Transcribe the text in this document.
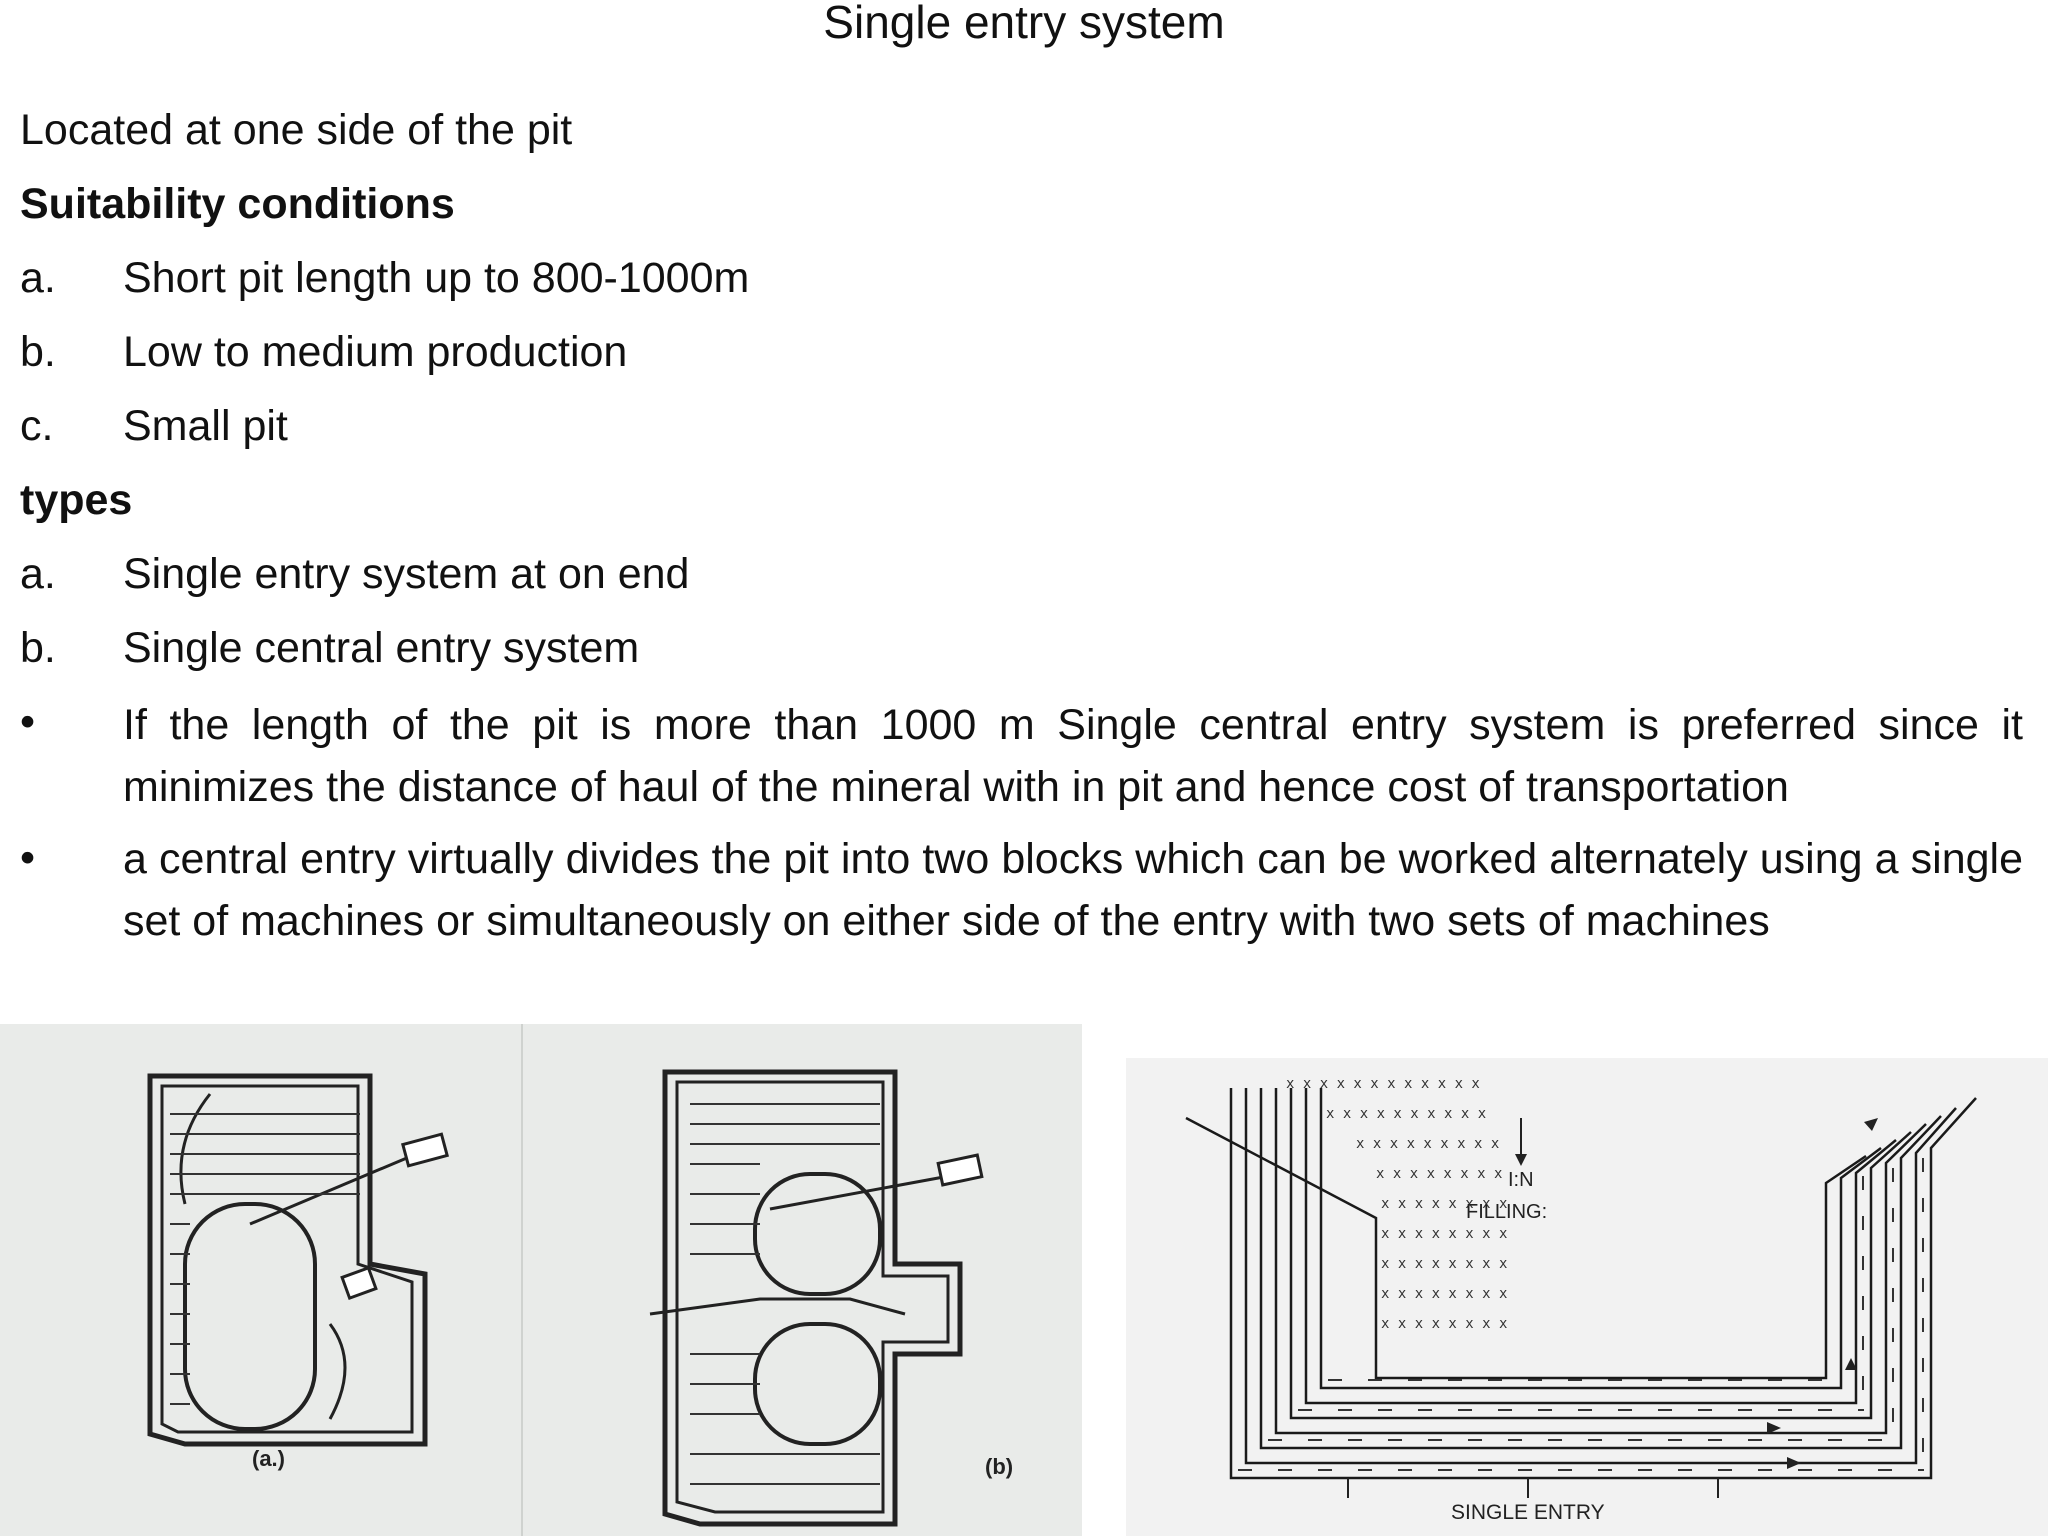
Single entry system
Located at one side of the pit
Suitability conditions
a. Short pit length up to 800-1000m
b. Low to medium production
c. Small pit
types
a. Single entry system at on end
b. Single central entry system
• If the length of the pit is more than 1000 m Single central entry system is preferred since it minimizes the distance of haul of the mineral with in pit and hence cost of transportation
• a central entry virtually divides the pit into two blocks which can be worked alternately using a single set of machines or simultaneously on either side of the entry with two sets of machines
(a.)	(b)
x x x x x x x x x x x x
x x x x x x x x x x
x x x x x x x x x
x x x x x x x x
x x x x x x x x
x x x x x x x x
x x x x x x x x
x x x x x x x x
x x x x x x x x
I:N
FILLING:
SINGLE ENTRY
